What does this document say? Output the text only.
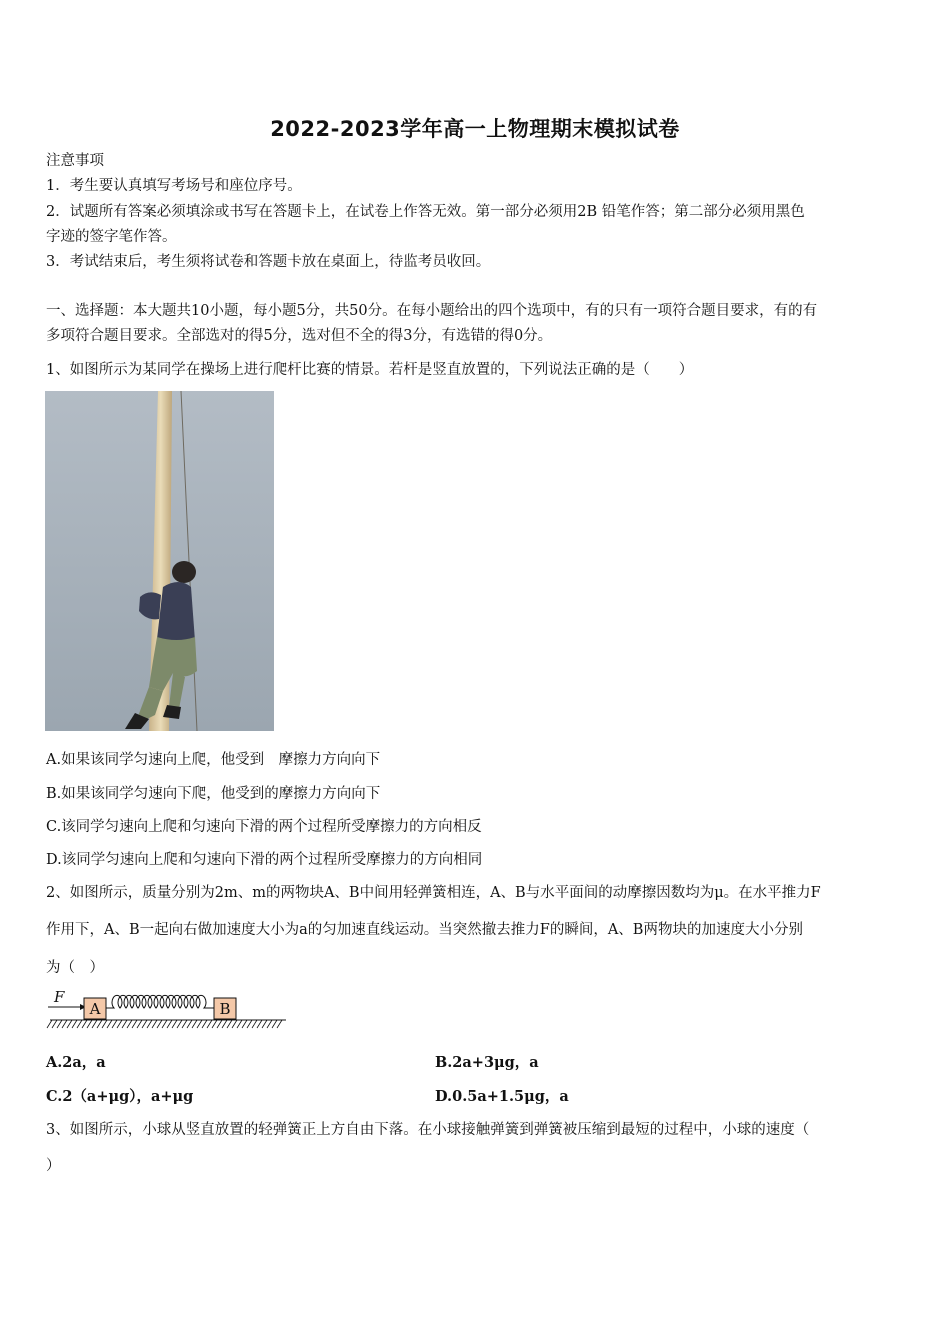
2022-2023学年高一上物理期末模拟试卷
注意事项
1．考生要认真填写考场号和座位序号。
2．试题所有答案必须填涂或书写在答题卡上，在试卷上作答无效。第一部分必须用2B 铅笔作答；第二部分必须用黑色
字迹的签字笔作答。
3．考试结束后，考生须将试卷和答题卡放在桌面上，待监考员收回。
一、选择题：本大题共10小题，每小题5分，共50分。在每小题给出的四个选项中，有的只有一项符合题目要求，有的有
多项符合题目要求。全部选对的得5分，选对但不全的得3分，有选错的得0分。
1、如图所示为某同学在操场上进行爬杆比赛的情景。若杆是竖直放置的，下列说法正确的是（　　）
A.如果该同学匀速向上爬，他受到　摩擦力方向向下
B.如果该同学匀速向下爬，他受到的摩擦力方向向下
C.该同学匀速向上爬和匀速向下滑的两个过程所受摩擦力的方向相反
D.该同学匀速向上爬和匀速向下滑的两个过程所受摩擦力的方向相同
2、如图所示，质量分别为2m、m的两物块A、B中间用轻弹簧相连，A、B与水平面间的动摩擦因数均为μ。在水平推力F
作用下，A、B一起向右做加速度大小为a的匀加速直线运动。当突然撤去推力F的瞬间，A、B两物块的加速度大小分别
为（　）
F
A	B
A.2a，a	B.2a+3μg，a
C.2（a+μg），a+μg	D.0.5a+1.5μg，a
3、如图所示，小球从竖直放置的轻弹簧正上方自由下落。在小球接触弹簧到弹簧被压缩到最短的过程中，小球的速度（
）
